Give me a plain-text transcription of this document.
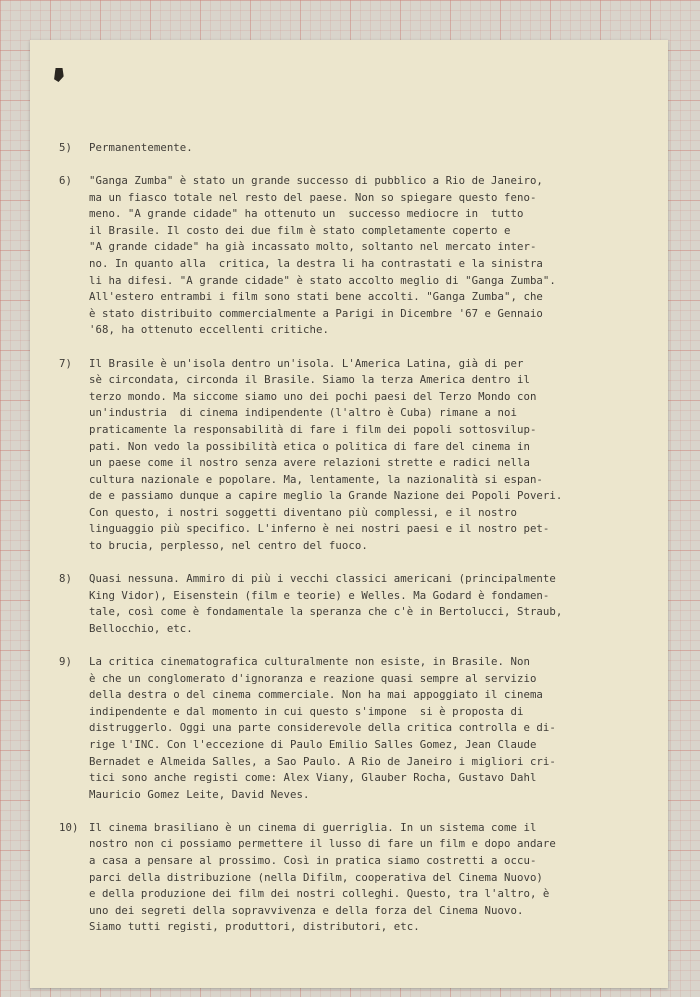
5)	Permanentemente.
6)	"Ganga Zumba" è stato un grande successo di pubblico a Rio de Janeiro,
ma un fiasco totale nel resto del paese. Non so spiegare questo feno-
meno. "A grande cidade" ha ottenuto un  successo mediocre in  tutto
il Brasile. Il costo dei due film è stato completamente coperto e
"A grande cidade" ha già incassato molto, soltanto nel mercato inter-
no. In quanto alla  critica, la destra li ha contrastati e la sinistra
li ha difesi. "A grande cidade" è stato accolto meglio di "Ganga Zumba".
All'estero entrambi i film sono stati bene accolti. "Ganga Zumba", che
è stato distribuito commercialmente a Parigi in Dicembre '67 e Gennaio
'68, ha ottenuto eccellenti critiche.
7)	Il Brasile è un'isola dentro un'isola. L'America Latina, già di per
sè circondata, circonda il Brasile. Siamo la terza America dentro il
terzo mondo. Ma siccome siamo uno dei pochi paesi del Terzo Mondo con
un'industria  di cinema indipendente (l'altro è Cuba) rimane a noi
praticamente la responsabilità di fare i film dei popoli sottosvilup-
pati. Non vedo la possibilità etica o politica di fare del cinema in
un paese come il nostro senza avere relazioni strette e radici nella
cultura nazionale e popolare. Ma, lentamente, la nazionalità si espan-
de e passiamo dunque a capire meglio la Grande Nazione dei Popoli Poveri.
Con questo, i nostri soggetti diventano più complessi, e il nostro
linguaggio più specifico. L'inferno è nei nostri paesi e il nostro pet-
to brucia, perplesso, nel centro del fuoco.
8)	Quasi nessuna. Ammiro di più i vecchi classici americani (principalmente
King Vidor), Eisenstein (film e teorie) e Welles. Ma Godard è fondamen-
tale, così come è fondamentale la speranza che c'è in Bertolucci, Straub,
Bellocchio, etc.
9)	La critica cinematografica culturalmente non esiste, in Brasile. Non
è che un conglomerato d'ignoranza e reazione quasi sempre al servizio
della destra o del cinema commerciale. Non ha mai appoggiato il cinema
indipendente e dal momento in cui questo s'impone  si è proposta di
distruggerlo. Oggi una parte considerevole della critica controlla e di-
rige l'INC. Con l'eccezione di Paulo Emilio Salles Gomez, Jean Claude
Bernadet e Almeida Salles, a Sao Paulo. A Rio de Janeiro i migliori cri-
tici sono anche registi come: Alex Viany, Glauber Rocha, Gustavo Dahl
Mauricio Gomez Leite, David Neves.
10) Il cinema brasiliano è un cinema di guerriglia. In un sistema come il
nostro non ci possiamo permettere il lusso di fare un film e dopo andare
a casa a pensare al prossimo. Così in pratica siamo costretti a occu-
parci della distribuzione (nella Difilm, cooperativa del Cinema Nuovo)
e della produzione dei film dei nostri colleghi. Questo, tra l'altro, è
uno dei segreti della sopravvivenza e della forza del Cinema Nuovo.
Siamo tutti registi, produttori, distributori, etc.
